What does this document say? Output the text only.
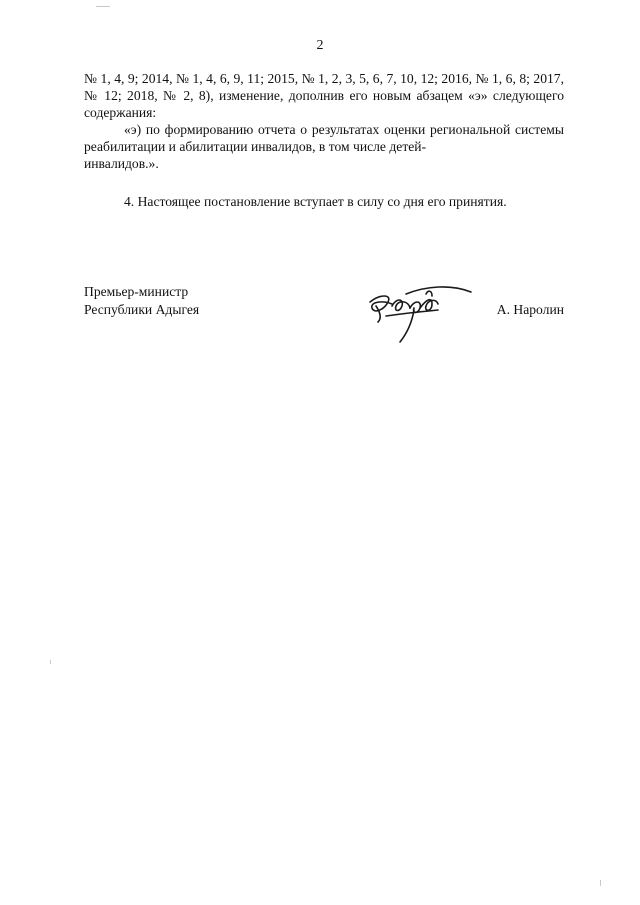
2
№ 1, 4, 9; 2014, № 1, 4, 6, 9, 11; 2015, № 1, 2, 3, 5, 6, 7, 10, 12; 2016, № 1, 6, 8; 2017, № 12; 2018, № 2, 8), изменение, дополнив его новым абзацем «э» следующего содержания:
«э) по формированию отчета о результатах оценки региональной системы реабилитации и абилитации инвалидов, в том числе детей-
инвалидов.».
4. Настоящее постановление вступает в силу со дня его принятия.
Премьер-министр
Республики Адыгея	А. Наролин
